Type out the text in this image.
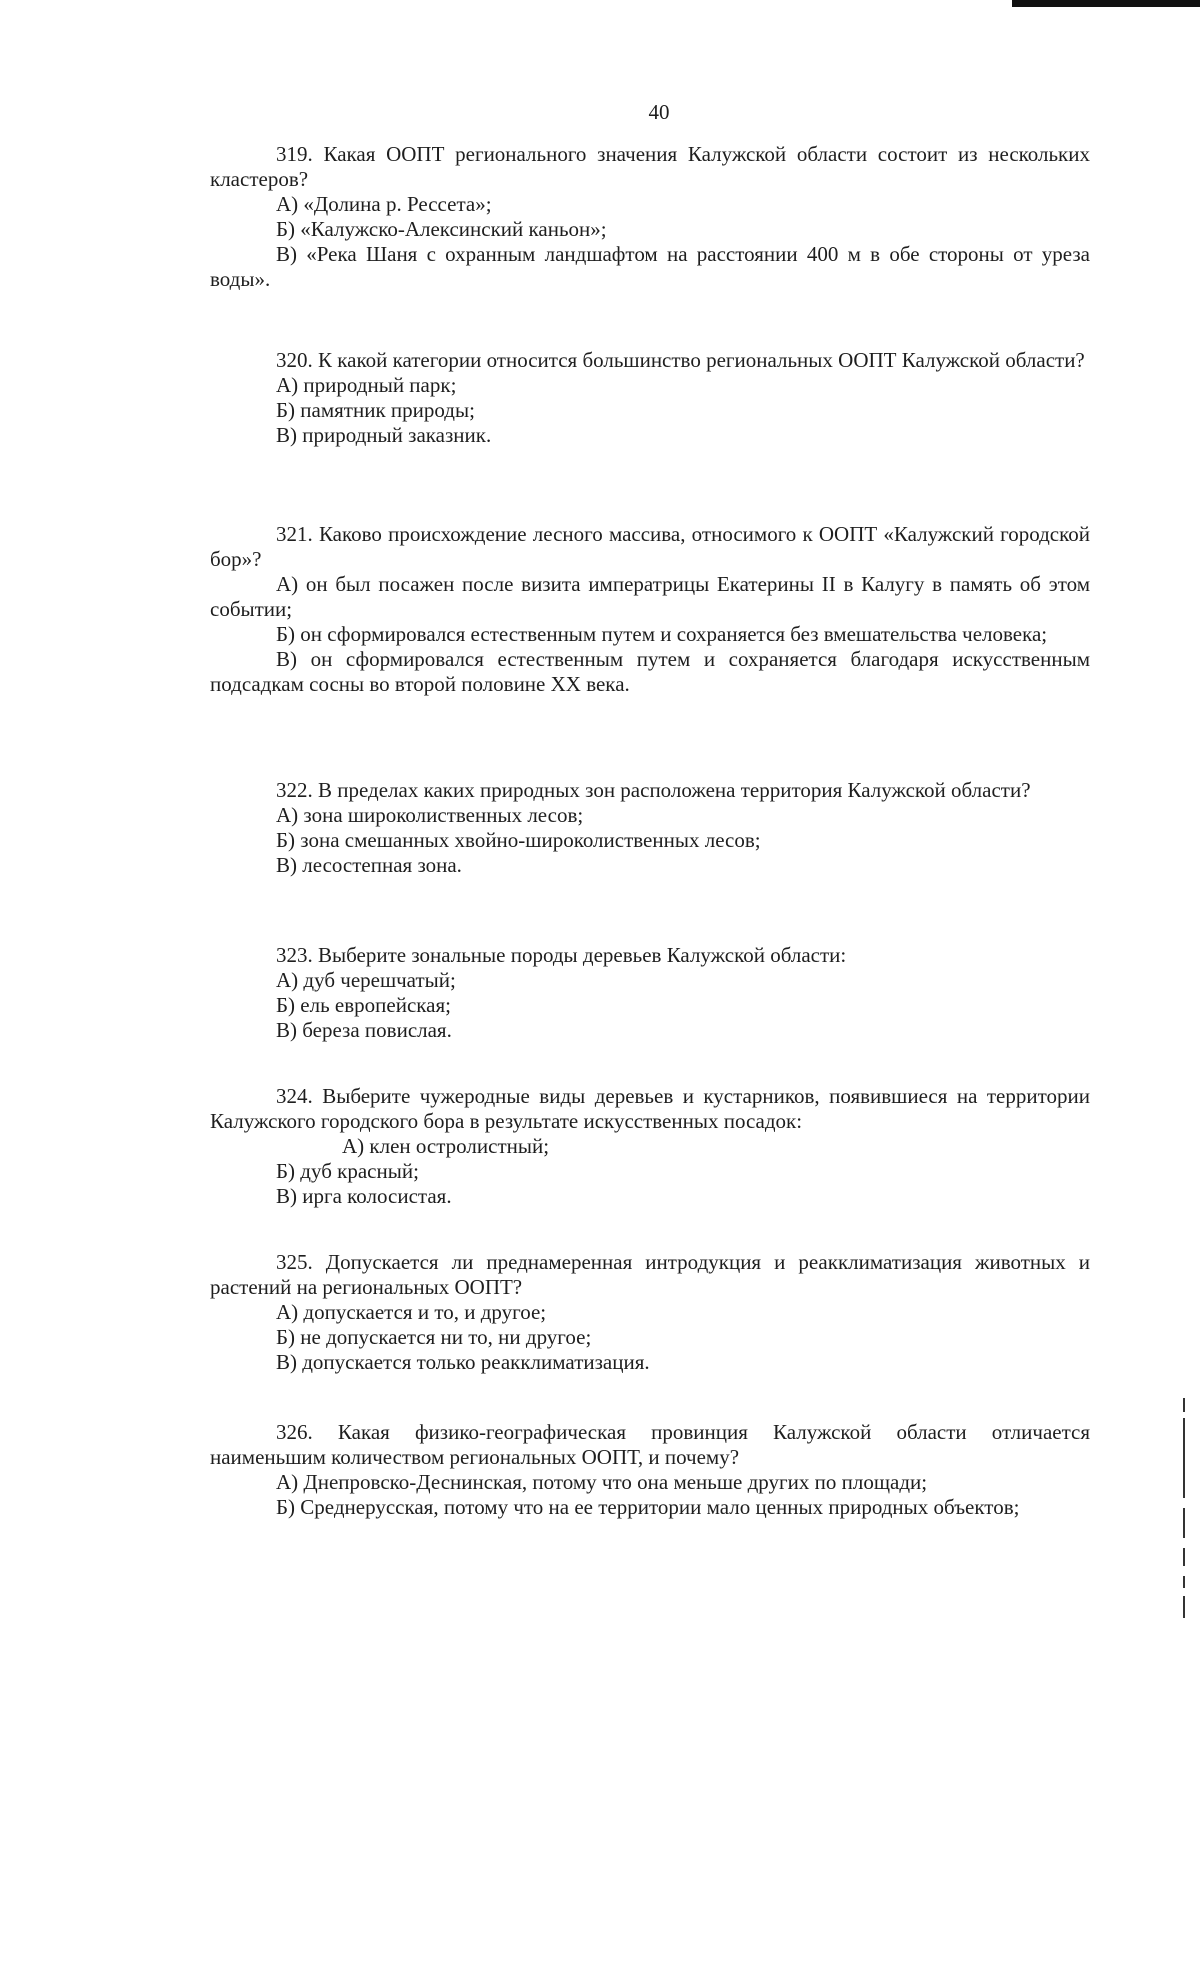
40

319. Какая ООПТ регионального значения Калужской области состоит из нескольких кластеров?

А) «Долина р. Рессета»;

Б) «Калужско-Алексинский каньон»;

В) «Река Шаня с охранным ландшафтом на расстоянии 400 м в обе стороны от уреза воды».

320. К какой категории относится большинство региональных ООПТ Калужской области?

А) природный парк;

Б) памятник природы;

В) природный заказник.

321. Каково происхождение лесного массива, относимого к ООПТ «Калужский городской бор»?

А) он был посажен после визита императрицы Екатерины II в Калугу в память об этом событии;

Б) он сформировался естественным путем и сохраняется без вмешательства человека;

В) он сформировался естественным путем и сохраняется благодаря искусственным подсадкам сосны во второй половине XX века.

322. В пределах каких природных зон расположена территория Калужской области?

А) зона широколиственных лесов;

Б) зона смешанных хвойно-широколиственных лесов;

В) лесостепная зона.

323. Выберите зональные породы деревьев Калужской области:

А) дуб черешчатый;

Б) ель европейская;

В) береза повислая.

324. Выберите чужеродные виды деревьев и кустарников, появившиеся на территории Калужского городского бора в результате искусственных посадок:

А) клен остролистный;

Б) дуб красный;

В) ирга колосистая.

325. Допускается ли преднамеренная интродукция и реакклиматизация животных и растений на региональных ООПТ?

А) допускается и то, и другое;

Б) не допускается ни то, ни другое;

В) допускается только реакклиматизация.

326. Какая физико-географическая провинция Калужской области отличается наименьшим количеством региональных ООПТ, и почему?

А) Днепровско-Деснинская, потому что она меньше других по площади;

Б) Среднерусская, потому что на ее территории мало ценных природных объектов;
